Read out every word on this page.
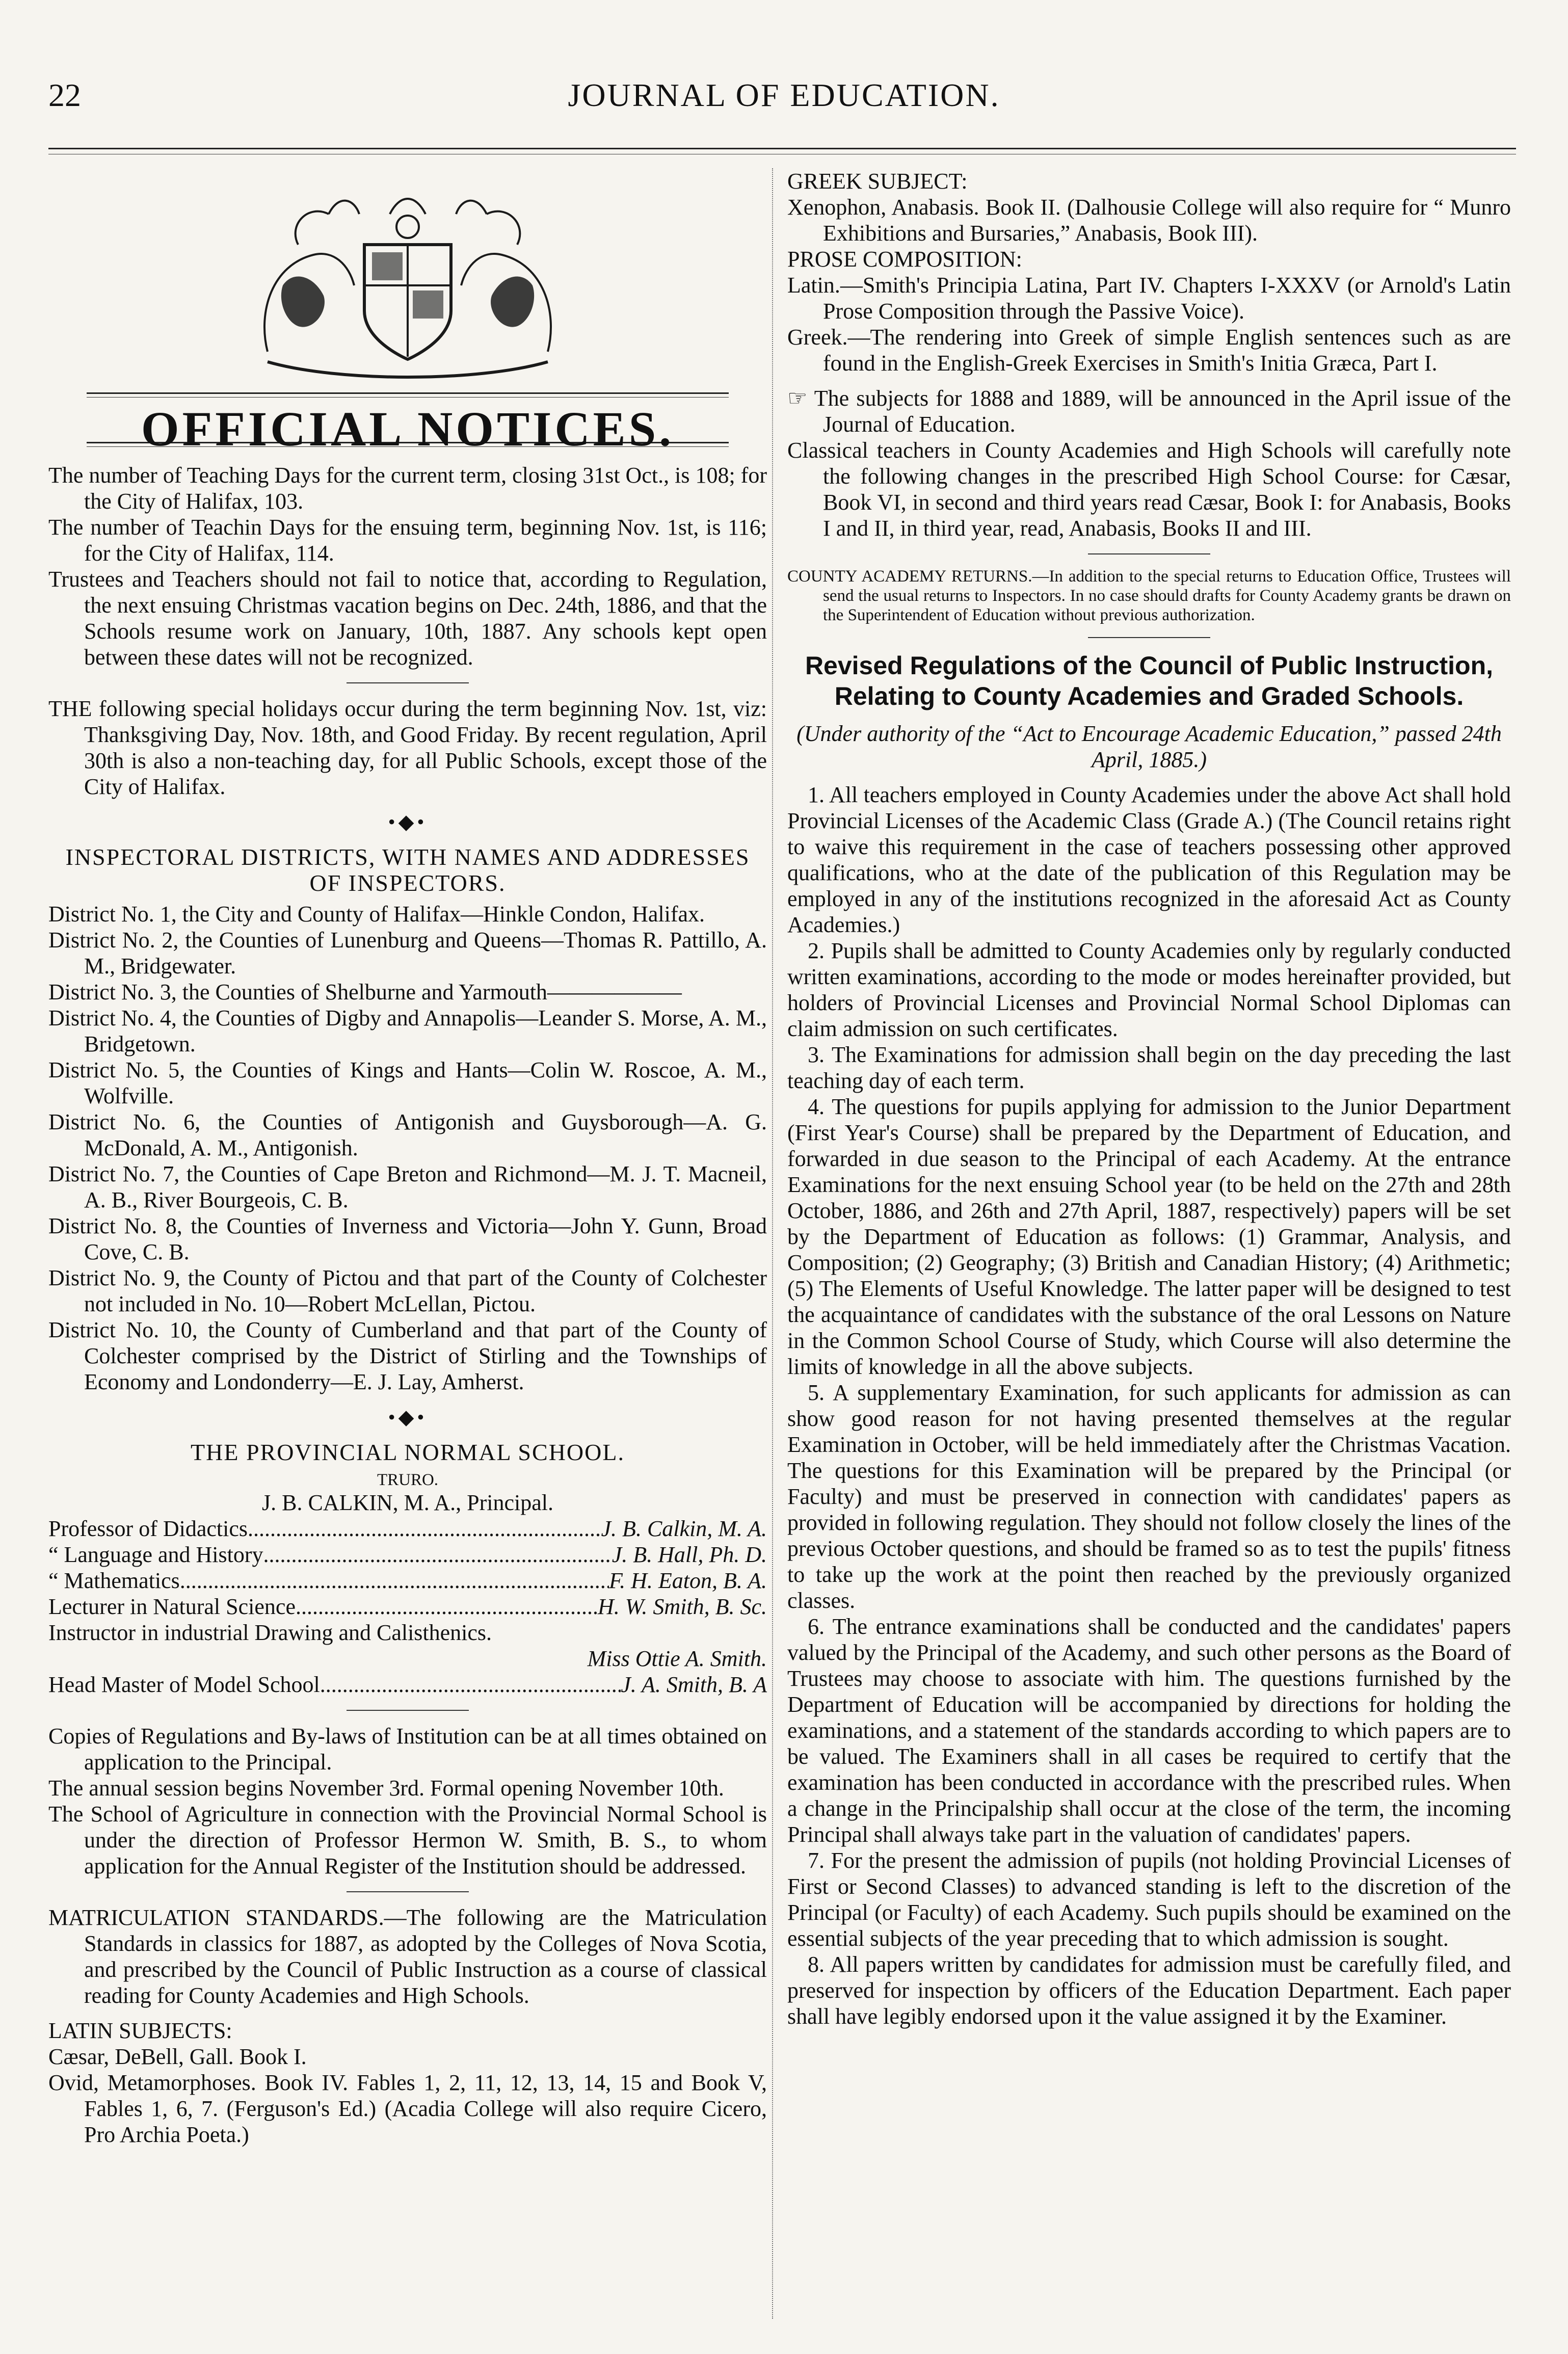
22	JOURNAL OF EDUCATION.
OFFICIAL NOTICES.

The number of Teaching Days for the current term, closing 31st Oct., is 108; for the City of Halifax, 103.

The number of Teachin Days for the ensuing term, beginning Nov. 1st, is 116; for the City of Halifax, 114.

Trustees and Teachers should not fail to notice that, according to Regulation, the next ensuing Christmas vacation begins on Dec. 24th, 1886, and that the Schools resume work on January, 10th, 1887. Any schools kept open between these dates will not be recognized.

THE following special holidays occur during the term beginning Nov. 1st, viz: Thanksgiving Day, Nov. 18th, and Good Friday. By recent regulation, April 30th is also a non-teaching day, for all Public Schools, except those of the City of Halifax.

•◆•
INSPECTORAL DISTRICTS, WITH NAMES AND ADDRESSES OF INSPECTORS.

District No. 1, the City and County of Halifax—Hinkle Condon, Halifax.

District No. 2, the Counties of Lunenburg and Queens—Thomas R. Pattillo, A. M., Bridgewater.

District No. 3, the Counties of Shelburne and Yarmouth——————

District No. 4, the Counties of Digby and Annapolis—Leander S. Morse, A. M., Bridgetown.

District No. 5, the Counties of Kings and Hants—Colin W. Roscoe, A. M., Wolfville.

District No. 6, the Counties of Antigonish and Guysborough—A. G. McDonald, A. M., Antigonish.

District No. 7, the Counties of Cape Breton and Richmond—M. J. T. Macneil, A. B., River Bourgeois, C. B.

District No. 8, the Counties of Inverness and Victoria—John Y. Gunn, Broad Cove, C. B.

District No. 9, the County of Pictou and that part of the County of Colchester not included in No. 10—Robert McLellan, Pictou.

District No. 10, the County of Cumberland and that part of the County of Colchester comprised by the District of Stirling and the Townships of Economy and Londonderry—E. J. Lay, Amherst.

•◆•
THE PROVINCIAL NORMAL SCHOOL.

TRURO.

J. B. CALKIN, M. A., Principal.

Professor of Didactics .....	J. B. Calkin, M. A.
“ Language and History .....	J. B. Hall, Ph. D.
“ Mathematics .....	F. H. Eaton, B. A.
Lecturer in Natural Science .....	H. W. Smith, B. Sc.

Instructor in industrial Drawing and Calisthenics.

Miss Ottie A. Smith.

Head Master of Model School .....	J. A. Smith, B. A

Copies of Regulations and By-laws of Institution can be at all times obtained on application to the Principal.

The annual session begins November 3rd. Formal opening November 10th.

The School of Agriculture in connection with the Provincial Normal School is under the direction of Professor Hermon W. Smith, B. S., to whom application for the Annual Register of the Institution should be addressed.

MATRICULATION STANDARDS.—The following are the Matriculation Standards in classics for 1887, as adopted by the Colleges of Nova Scotia, and prescribed by the Council of Public Instruction as a course of classical reading for County Academies and High Schools.

LATIN SUBJECTS:

Cæsar, DeBell, Gall. Book I.

Ovid, Metamorphoses. Book IV. Fables 1, 2, 11, 12, 13, 14, 15 and Book V, Fables 1, 6, 7. (Ferguson's Ed.) (Acadia College will also require Cicero, Pro Archia Poeta.)

GREEK SUBJECT:

Xenophon, Anabasis. Book II. (Dalhousie College will also require for “ Munro Exhibitions and Bursaries,” Anabasis, Book III).

PROSE COMPOSITION:

Latin.—Smith's Principia Latina, Part IV. Chapters I-XXXV (or Arnold's Latin Prose Composition through the Passive Voice).

Greek.—The rendering into Greek of simple English sentences such as are found in the English-Greek Exercises in Smith's Initia Græca, Part I.

☞ The subjects for 1888 and 1889, will be announced in the April issue of the Journal of Education.

Classical teachers in County Academies and High Schools will carefully note the following changes in the prescribed High School Course: for Cæsar, Book VI, in second and third years read Cæsar, Book I: for Anabasis, Books I and II, in third year, read, Anabasis, Books II and III.

COUNTY ACADEMY RETURNS.—In addition to the special returns to Education Office, Trustees will send the usual returns to Inspectors. In no case should drafts for County Academy grants be drawn on the Superintendent of Education without previous authorization.

Revised Regulations of the Council of Public Instruction, Relating to County Academies and Graded Schools.

(Under authority of the “Act to Encourage Academic Education,” passed 24th April, 1885.)

1. All teachers employed in County Academies under the above Act shall hold Provincial Licenses of the Academic Class (Grade A.) (The Council retains right to waive this requirement in the case of teachers possessing other approved qualifications, who at the date of the publication of this Regulation may be employed in any of the institutions recognized in the aforesaid Act as County Academies.)

2. Pupils shall be admitted to County Academies only by regularly conducted written examinations, according to the mode or modes hereinafter provided, but holders of Provincial Licenses and Provincial Normal School Diplomas can claim admission on such certificates.

3. The Examinations for admission shall begin on the day preceding the last teaching day of each term.

4. The questions for pupils applying for admission to the Junior Department (First Year's Course) shall be prepared by the Department of Education, and forwarded in due season to the Principal of each Academy. At the entrance Examinations for the next ensuing School year (to be held on the 27th and 28th October, 1886, and 26th and 27th April, 1887, respectively) papers will be set by the Department of Education as follows: (1) Grammar, Analysis, and Composition; (2) Geography; (3) British and Canadian History; (4) Arithmetic; (5) The Elements of Useful Knowledge. The latter paper will be designed to test the acquaintance of candidates with the substance of the oral Lessons on Nature in the Common School Course of Study, which Course will also determine the limits of knowledge in all the above subjects.

5. A supplementary Examination, for such applicants for admission as can show good reason for not having presented themselves at the regular Examination in October, will be held immediately after the Christmas Vacation. The questions for this Examination will be prepared by the Principal (or Faculty) and must be preserved in connection with candidates' papers as provided in following regulation. They should not follow closely the lines of the previous October questions, and should be framed so as to test the pupils' fitness to take up the work at the point then reached by the previously organized classes.

6. The entrance examinations shall be conducted and the candidates' papers valued by the Principal of the Academy, and such other persons as the Board of Trustees may choose to associate with him. The questions furnished by the Department of Education will be accompanied by directions for holding the examinations, and a statement of the standards according to which papers are to be valued. The Examiners shall in all cases be required to certify that the examination has been conducted in accordance with the prescribed rules. When a change in the Principalship shall occur at the close of the term, the incoming Principal shall always take part in the valuation of candidates' papers.

7. For the present the admission of pupils (not holding Provincial Licenses of First or Second Classes) to advanced standing is left to the discretion of the Principal (or Faculty) of each Academy. Such pupils should be examined on the essential subjects of the year preceding that to which admission is sought.

8. All papers written by candidates for admission must be carefully filed, and preserved for inspection by officers of the Education Department. Each paper shall have legibly endorsed upon it the value assigned it by the Examiner.
